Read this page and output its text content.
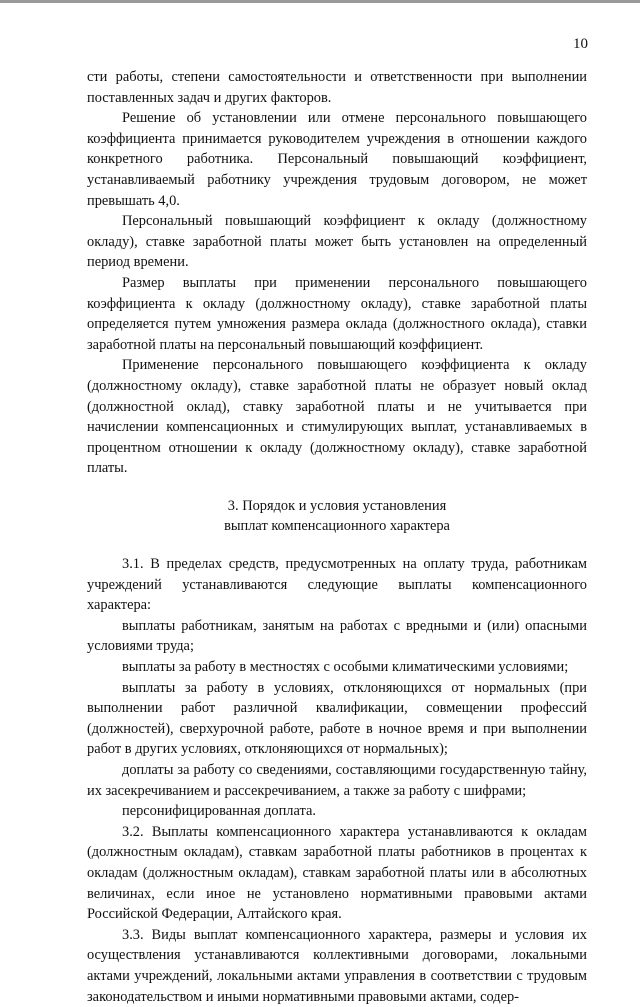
10

сти работы, степени самостоятельности и ответственности при выполнении поставленных задач и других факторов.

Решение об установлении или отмене персонального повышающего коэффициента принимается руководителем учреждения в отношении каждого конкретного работника. Персональный повышающий коэффициент, устанавливаемый работнику учреждения трудовым договором, не может превышать 4,0.

Персональный повышающий коэффициент к окладу (должностному окладу), ставке заработной платы может быть установлен на определенный период времени.

Размер выплаты при применении персонального повышающего коэффициента к окладу (должностному окладу), ставке заработной платы определяется путем умножения размера оклада (должностного оклада), ставки заработной платы на персональный повышающий коэффициент.

Применение персонального повышающего коэффициента к окладу (должностному окладу), ставке заработной платы не образует новый оклад (должностной оклад), ставку заработной платы и не учитывается при начислении компенсационных и стимулирующих выплат, устанавливаемых в процентном отношении к окладу (должностному окладу), ставке заработной платы.

3. Порядок и условия установления
выплат компенсационного характера

3.1. В пределах средств, предусмотренных на оплату труда, работникам учреждений устанавливаются следующие выплаты компенсационного характера:

выплаты работникам, занятым на работах с вредными и (или) опасными условиями труда;

выплаты за работу в местностях с особыми климатическими условиями;

выплаты за работу в условиях, отклоняющихся от нормальных (при выполнении работ различной квалификации, совмещении профессий (должностей), сверхурочной работе, работе в ночное время и при выполнении работ в других условиях, отклоняющихся от нормальных);

доплаты за работу со сведениями, составляющими государственную тайну, их засекречиванием и рассекречиванием, а также за работу с шифрами;

персонифицированная доплата.

3.2. Выплаты компенсационного характера устанавливаются к окладам (должностным окладам), ставкам заработной платы работников в процентах к окладам (должностным окладам), ставкам заработной платы или в абсолютных величинах, если иное не установлено нормативными правовыми актами Российской Федерации, Алтайского края.

3.3. Виды выплат компенсационного характера, размеры и условия их осуществления устанавливаются коллективными договорами, локальными актами учреждений, локальными актами управления в соответствии с трудовым законодательством и иными нормативными правовыми актами, содер-
